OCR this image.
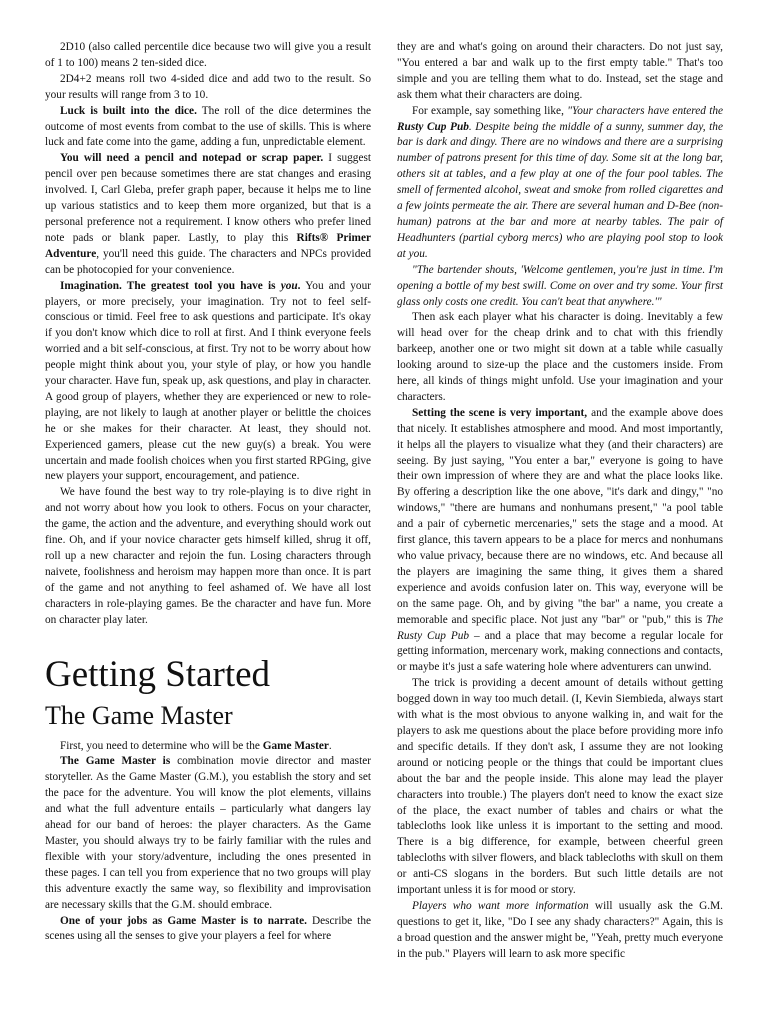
2D10 (also called percentile dice because two will give you a result of 1 to 100) means 2 ten-sided dice.

2D4+2 means roll two 4-sided dice and add two to the result. So your results will range from 3 to 10.

Luck is built into the dice. The roll of the dice determines the outcome of most events from combat to the use of skills. This is where luck and fate come into the game, adding a fun, unpredictable element.

You will need a pencil and notepad or scrap paper. I suggest pencil over pen because sometimes there are stat changes and erasing involved. I, Carl Gleba, prefer graph paper, because it helps me to line up various statistics and to keep them more organized, but that is a personal preference not a requirement. I know others who prefer lined note pads or blank paper. Lastly, to play this Rifts® Primer Adventure, you'll need this guide. The characters and NPCs provided can be photocopied for your convenience.

Imagination. The greatest tool you have is you. You and your players, or more precisely, your imagination. Try not to feel self-conscious or timid. Feel free to ask questions and participate. It's okay if you don't know which dice to roll at first. And I think everyone feels worried and a bit self-conscious, at first. Try not to be worry about how people might think about you, your style of play, or how you handle your character. Have fun, speak up, ask questions, and play in character. A good group of players, whether they are experienced or new to role-playing, are not likely to laugh at another player or belittle the choices he or she makes for their character. At least, they should not. Experienced gamers, please cut the new guy(s) a break. You were uncertain and made foolish choices when you first started RPGing, give new players your support, encouragement, and patience.

We have found the best way to try role-playing is to dive right in and not worry about how you look to others. Focus on your character, the game, the action and the adventure, and everything should work out fine. Oh, and if your novice character gets himself killed, shrug it off, roll up a new character and rejoin the fun. Losing characters through naivete, foolishness and heroism may happen more than once. It is part of the game and not anything to feel ashamed of. We have all lost characters in role-playing games. Be the character and have fun. More on character play later.

Getting Started
The Game Master

First, you need to determine who will be the Game Master.

The Game Master is combination movie director and master storyteller. As the Game Master (G.M.), you establish the story and set the pace for the adventure. You will know the plot elements, villains and what the full adventure entails – particularly what dangers lay ahead for our band of heroes: the player characters. As the Game Master, you should always try to be fairly familiar with the rules and flexible with your story/adventure, including the ones presented in these pages. I can tell you from experience that no two groups will play this adventure exactly the same way, so flexibility and improvisation are necessary skills that the G.M. should embrace.

One of your jobs as Game Master is to narrate. Describe the scenes using all the senses to give your players a feel for where

they are and what's going on around their characters. Do not just say, "You entered a bar and walk up to the first empty table." That's too simple and you are telling them what to do. Instead, set the stage and ask them what their characters are doing.

For example, say something like, "Your characters have entered the Rusty Cup Pub. Despite being the middle of a sunny, summer day, the bar is dark and dingy. There are no windows and there are a surprising number of patrons present for this time of day. Some sit at the long bar, others sit at tables, and a few play at one of the four pool tables. The smell of fermented alcohol, sweat and smoke from rolled cigarettes and a few joints permeate the air. There are several human and D-Bee (non-human) patrons at the bar and more at nearby tables. The pair of Headhunters (partial cyborg mercs) who are playing pool stop to look at you.

"The bartender shouts, 'Welcome gentlemen, you're just in time. I'm opening a bottle of my best swill. Come on over and try some. Your first glass only costs one credit. You can't beat that anywhere.'"

Then ask each player what his character is doing. Inevitably a few will head over for the cheap drink and to chat with this friendly barkeep, another one or two might sit down at a table while casually looking around to size-up the place and the customers inside. From here, all kinds of things might unfold. Use your imagination and your characters.

Setting the scene is very important, and the example above does that nicely. It establishes atmosphere and mood. And most importantly, it helps all the players to visualize what they (and their characters) are seeing. By just saying, "You enter a bar," everyone is going to have their own impression of where they are and what the place looks like. By offering a description like the one above, "it's dark and dingy," "no windows," "there are humans and nonhumans present," "a pool table and a pair of cybernetic mercenaries," sets the stage and a mood. At first glance, this tavern appears to be a place for mercs and nonhumans who value privacy, because there are no windows, etc. And because all the players are imagining the same thing, it gives them a shared experience and avoids confusion later on. This way, everyone will be on the same page. Oh, and by giving "the bar" a name, you create a memorable and specific place. Not just any "bar" or "pub," this is The Rusty Cup Pub – and a place that may become a regular locale for getting information, mercenary work, making connections and contacts, or maybe it's just a safe watering hole where adventurers can unwind.

The trick is providing a decent amount of details without getting bogged down in way too much detail. (I, Kevin Siembieda, always start with what is the most obvious to anyone walking in, and wait for the players to ask me questions about the place before providing more info and specific details. If they don't ask, I assume they are not looking around or noticing people or the things that could be important clues about the bar and the people inside. This alone may lead the player characters into trouble.) The players don't need to know the exact size of the place, the exact number of tables and chairs or what the tablecloths look like unless it is important to the setting and mood. There is a big difference, for example, between cheerful green tablecloths with silver flowers, and black tablecloths with skull on them or anti-CS slogans in the borders. But such little details are not important unless it is for mood or story.

Players who want more information will usually ask the G.M. questions to get it, like, "Do I see any shady characters?" Again, this is a broad question and the answer might be, "Yeah, pretty much everyone in the pub." Players will learn to ask more specific
